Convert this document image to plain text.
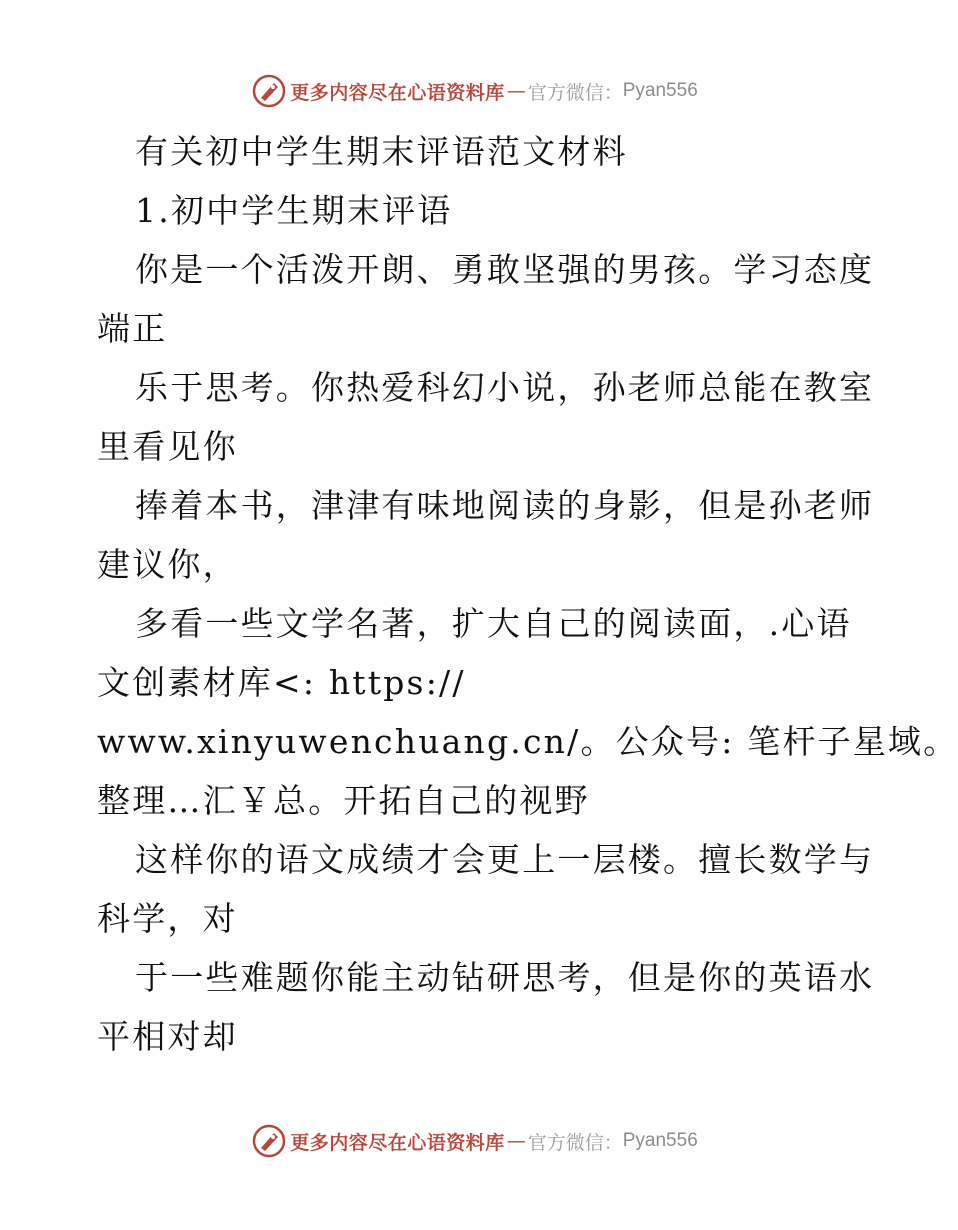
更多内容尽在心语资料库 — 官方微信： Pyan556
有关初中学生期末评语范文材料
1.初中学生期末评语
你是一个活泼开朗、勇敢坚强的男孩。学习态度
端正
乐于思考。你热爱科幻小说，孙老师总能在教室
里看见你
捧着本书，津津有味地阅读的身影，但是孙老师
建议你，
多看一些文学名著，扩大自己的阅读面，.心语
文创素材库<: https://
www.xinyuwenchuang.cn/。公众号: 笔杆子星域。
整理…汇￥总。开拓自己的视野
这样你的语文成绩才会更上一层楼。擅长数学与
科学，对
于一些难题你能主动钻研思考，但是你的英语水
平相对却
更多内容尽在心语资料库 — 官方微信： Pyan556
